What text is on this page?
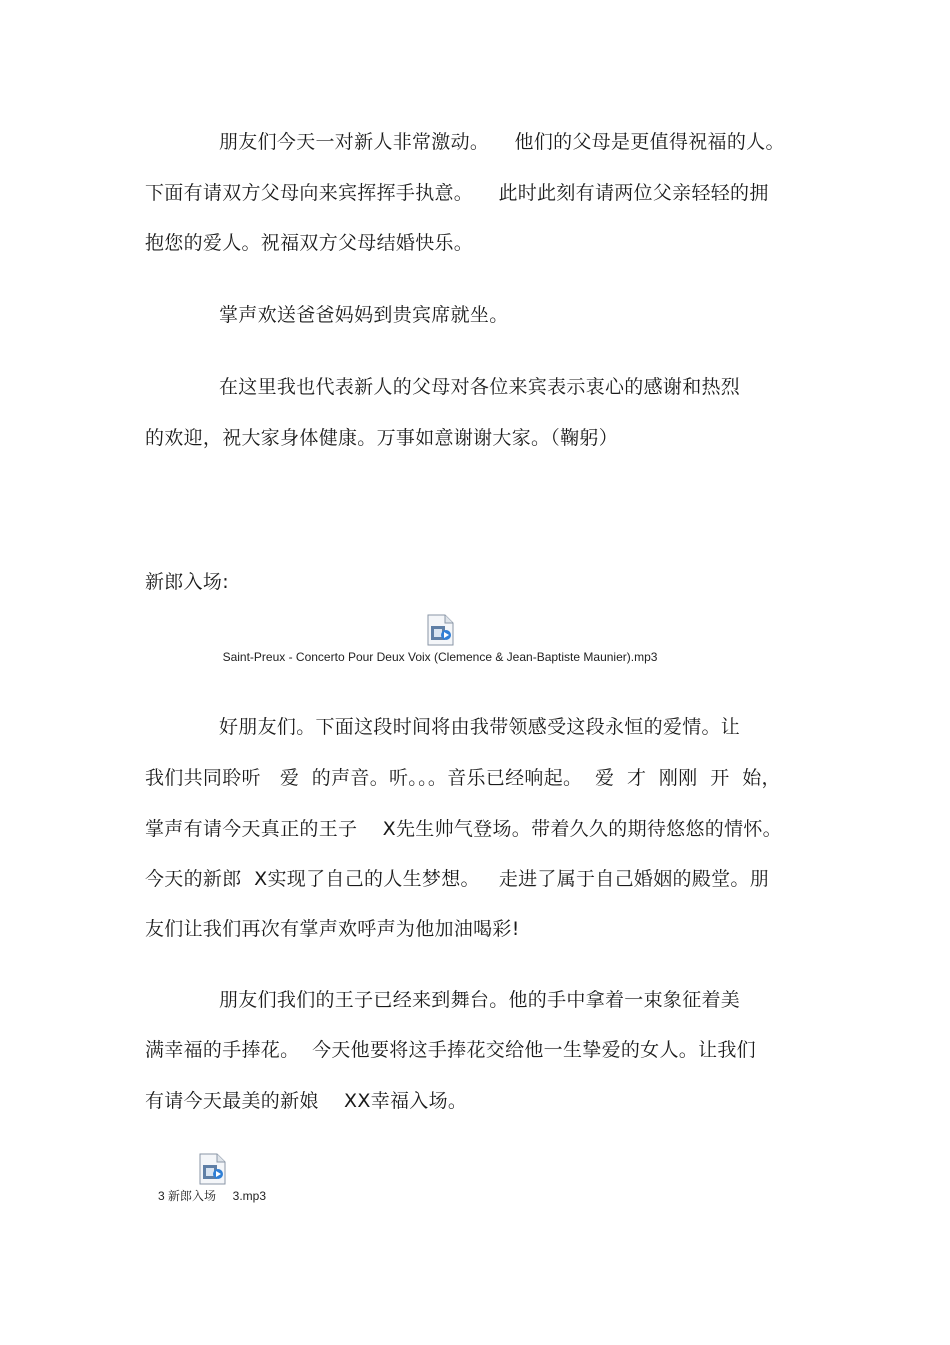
朋友们今天一对新人非常激动。    他们的父母是更值得祝福的人。
下面有请双方父母向来宾挥挥手执意。    此时此刻有请两位父亲轻轻的拥
抱您的爱人。祝福双方父母结婚快乐。
掌声欢送爸爸妈妈到贵宾席就坐。
在这里我也代表新人的父母对各位来宾表示衷心的感谢和热烈
的欢迎，祝大家身体健康。万事如意谢谢大家。（鞠躬）
新郎入场:
Saint-Preux - Concerto Pour Deux Voix (Clemence & Jean-Baptiste Maunier).mp3
好朋友们。下面这段时间将由我带领感受这段永恒的爱情。让
我们共同聆听   爱  的声音。听。。。音乐已经响起。  爱  才  刚刚  开  始，
掌声有请今天真正的王子    X先生帅气登场。带着久久的期待悠悠的情怀。
今天的新郎  X实现了自己的人生梦想。   走进了属于自己婚姻的殿堂。朋
友们让我们再次有掌声欢呼声为他加油喝彩!
朋友们我们的王子已经来到舞台。他的手中拿着一束象征着美
满幸福的手捧花。  今天他要将这手捧花交给他一生挚爱的女人。让我们
有请今天最美的新娘    XX幸福入场。
3 新郎入场     3.mp3
